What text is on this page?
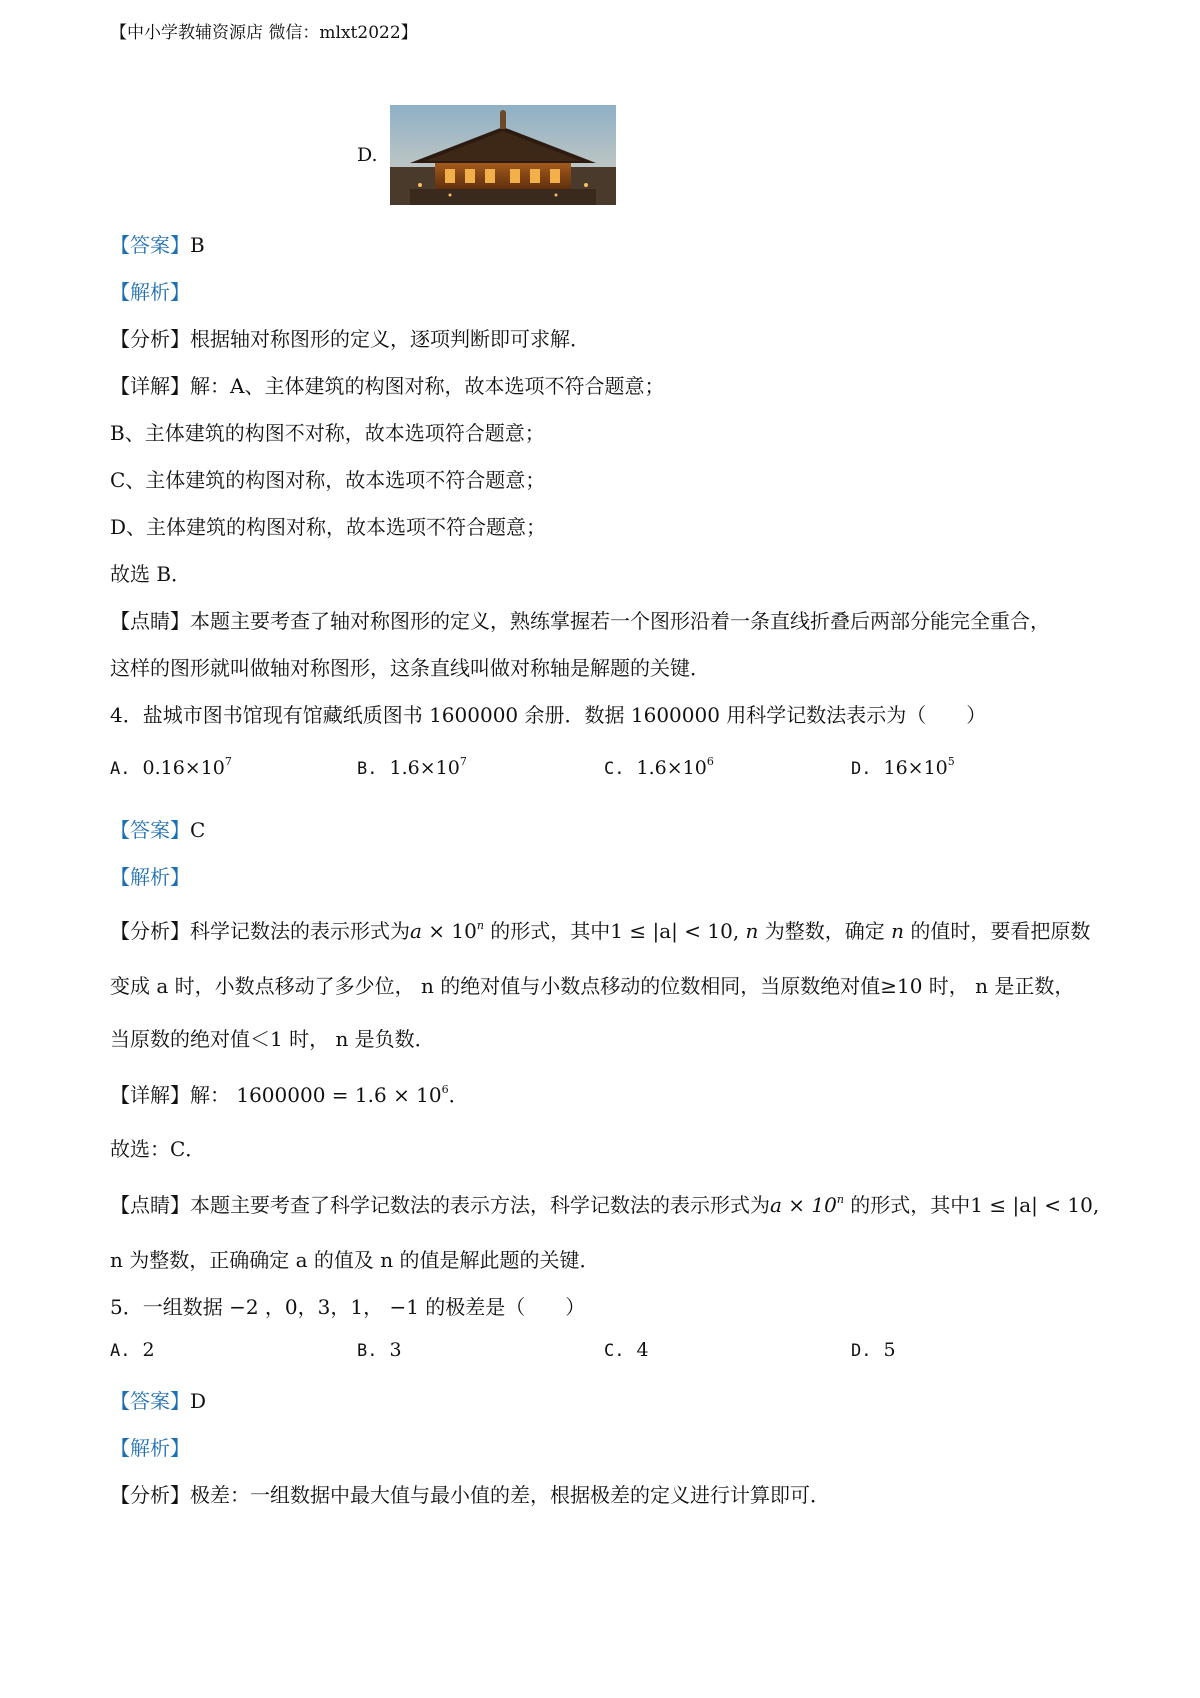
【中小学教辅资源店 微信：mlxt2022】
D.
【答案】B
【解析】
【分析】根据轴对称图形的定义，逐项判断即可求解．
【详解】解：A、主体建筑的构图对称，故本选项不符合题意；
B、主体建筑的构图不对称，故本选项符合题意；
C、主体建筑的构图对称，故本选项不符合题意；
D、主体建筑的构图对称，故本选项不符合题意；
故选 B．
【点睛】本题主要考查了轴对称图形的定义，熟练掌握若一个图形沿着一条直线折叠后两部分能完全重合，
这样的图形就叫做轴对称图形，这条直线叫做对称轴是解题的关键．
4．盐城市图书馆现有馆藏纸质图书 1600000 余册．数据 1600000 用科学记数法表示为（　　）
A. $0.16\times 10^7$	B. $1.6\times 10^7$	C. $1.6\times 10^6$	D. $16\times 10^5$
【答案】C
【解析】
【分析】科学记数法的表示形式为$a \times 10^n$ 的形式，其中1 ≤ |a| < 10, n 为整数，确定 n 的值时，要看把原数
变成 a 时，小数点移动了多少位， n 的绝对值与小数点移动的位数相同，当原数绝对值≥10 时， n 是正数，
当原数的绝对值＜1 时， n 是负数．
【详解】解： $1600000 = 1.6 \times 10^6$．
故选：C．
【点睛】本题主要考查了科学记数法的表示方法，科学记数法的表示形式为$a \times 10^n$ 的形式，其中1 ≤ |a| < 10,
n 为整数，正确确定 a 的值及 n 的值是解此题的关键．
5．一组数据 −2 ，0，3，1， −1 的极差是（　　）
A. 2	B. 3	C. 4	D. 5
【答案】D
【解析】
【分析】极差：一组数据中最大值与最小值的差，根据极差的定义进行计算即可．
